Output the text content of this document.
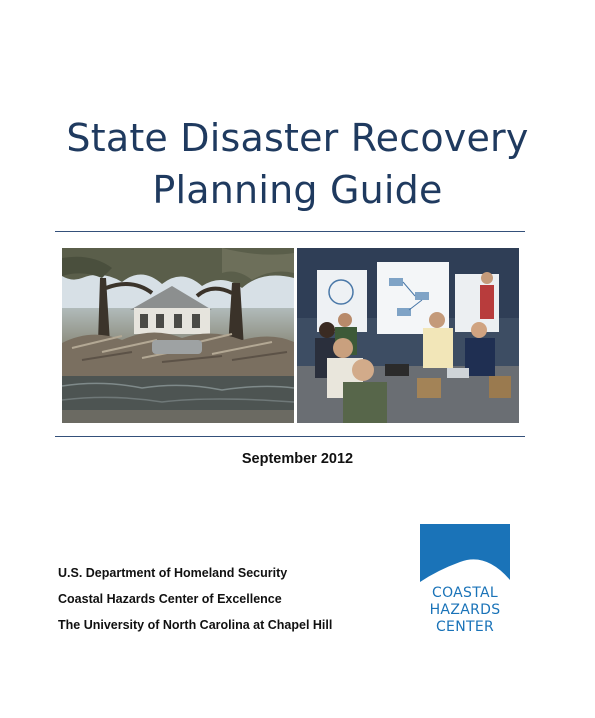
State Disaster Recovery
Planning Guide
September 2012
U.S. Department of Homeland Security
Coastal Hazards Center of Excellence
The University of North Carolina at Chapel Hill
COASTAL
HAZARDS
CENTER
